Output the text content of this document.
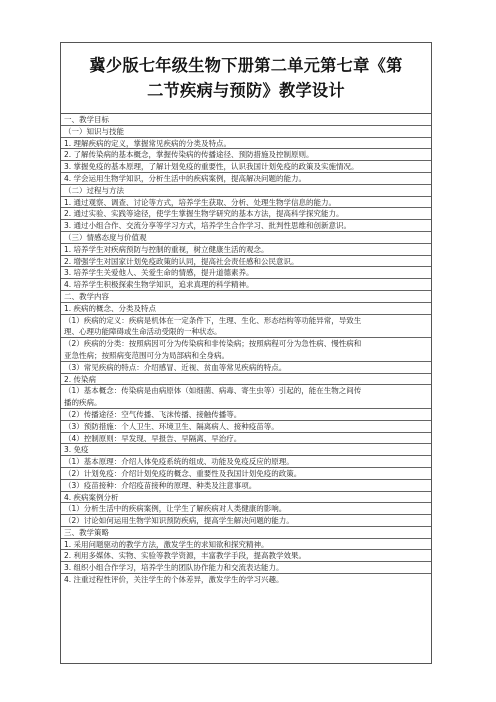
冀少版七年级生物下册第二单元第七章《第
二节疾病与预防》教学设计
一、教学目标
（一）知识与技能
1. 理解疾病的定义，掌握常见疾病的分类及特点。
2. 了解传染病的基本概念，掌握传染病的传播途径、预防措施及控制原则。
3. 掌握免疫的基本原理，了解计划免疫的重要性，认识我国计划免疫的政策及实施情况。
4. 学会运用生物学知识，分析生活中的疾病案例，提高解决问题的能力。
（二）过程与方法
1. 通过观察、调查、讨论等方式，培养学生获取、分析、处理生物学信息的能力。
2. 通过实验、实践等途径，使学生掌握生物学研究的基本方法，提高科学探究能力。
3. 通过小组合作、交流分享等学习方式，培养学生合作学习、批判性思维和创新意识。
（三）情感态度与价值观
1. 培养学生对疾病预防与控制的重视，树立健康生活的观念。
2. 增强学生对国家计划免疫政策的认同，提高社会责任感和公民意识。
3. 培养学生关爱他人、关爱生命的情感，提升道德素养。
4. 培养学生积极探索生物学知识，追求真理的科学精神。
二、教学内容
1. 疾病的概念、分类及特点
（1）疾病的定义：疾病是机体在一定条件下，生理、生化、形态结构等功能异常，导致生
理、心理功能障碍或生命活动受限的一种状态。
（2）疾病的分类：按照病因可分为传染病和非传染病；按照病程可分为急性病、慢性病和
亚急性病；按照病变范围可分为局部病和全身病。
（3）常见疾病的特点：介绍感冒、近视、贫血等常见疾病的特点。
2. 传染病
（1）基本概念：传染病是由病原体（如细菌、病毒、寄生虫等）引起的，能在生物之间传
播的疾病。
（2）传播途径：空气传播、飞沫传播、接触传播等。
（3）预防措施：个人卫生、环境卫生、隔离病人、接种疫苗等。
（4）控制原则：早发现、早报告、早隔离、早治疗。
3. 免疫
（1）基本原理：介绍人体免疫系统的组成、功能及免疫反应的原理。
（2）计划免疫：介绍计划免疫的概念、重要性及我国计划免疫的政策。
（3）疫苗接种：介绍疫苗接种的原理、种类及注意事项。
4. 疾病案例分析
（1）分析生活中的疾病案例，让学生了解疾病对人类健康的影响。
（2）讨论如何运用生物学知识预防疾病，提高学生解决问题的能力。
三、教学策略
1. 采用问题驱动的教学方法，激发学生的求知欲和探究精神。
2. 利用多媒体、实物、实验等教学资源，丰富教学手段，提高教学效果。
3. 组织小组合作学习，培养学生的团队协作能力和交流表达能力。
4. 注重过程性评价，关注学生的个体差异，激发学生的学习兴趣。
